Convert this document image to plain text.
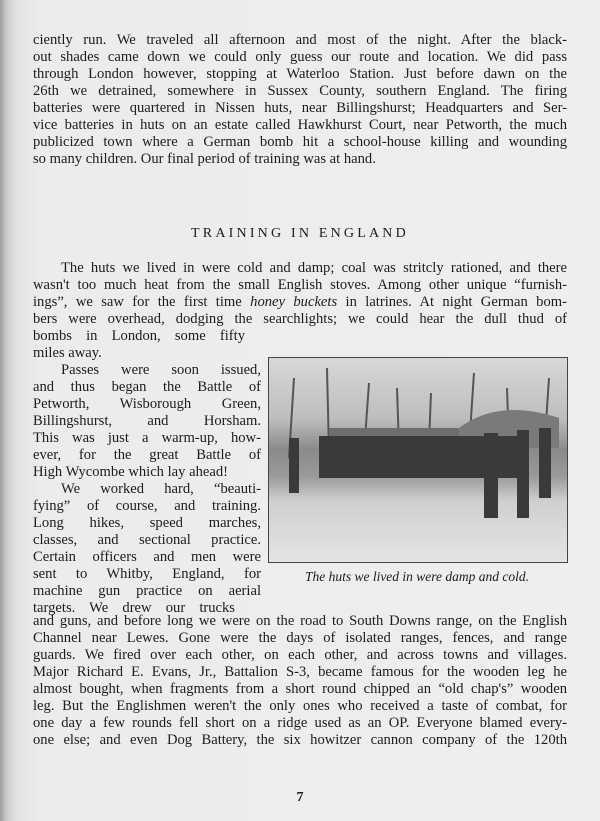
ciently run. We traveled all afternoon and most of the night. After the black-
out shades came down we could only guess our route and location. We did pass
through London however, stopping at Waterloo Station. Just before dawn on the
26th we detrained, somewhere in Sussex County, southern England. The firing
batteries were quartered in Nissen huts, near Billingshurst; Headquarters and Ser-
vice batteries in huts on an estate called Hawkhurst Court, near Petworth, the much
publicized town where a German bomb hit a school-house killing and wounding
so many children. Our final period of training was at hand.
TRAINING IN ENGLAND
The huts we lived in were cold and damp; coal was stritcly rationed, and there
wasn't too much heat from the small English stoves. Among other unique “furnish-
ings”, we saw for the first time honey buckets in latrines. At night German bom-
bers were overhead, dodging the searchlights; we could hear the dull thud of
bombs in London, some fifty
miles away.
Passes were soon issued,
and thus began the Battle of
Petworth, Wisborough Green,
Billingshurst, and Horsham.
This was just a warm-up, how-
ever, for the great Battle of
High Wycombe which lay ahead!
We worked hard, “beauti-
fying” of course, and training.
Long hikes, speed marches,
classes, and sectional practice.
Certain officers and men were
sent to Whitby, England, for
machine gun practice on aerial
targets. We drew our trucks
The huts we lived in were damp and cold.
and guns, and before long we were on the road to South Downs range, on the English
Channel near Lewes. Gone were the days of isolated ranges, fences, and range
guards. We fired over each other, on each other, and across towns and villages.
Major Richard E. Evans, Jr., Battalion S-3, became famous for the wooden leg he
almost bought, when fragments from a short round chipped an “old chap's” wooden
leg. But the Englishmen weren't the only ones who received a taste of combat, for
one day a few rounds fell short on a ridge used as an OP. Everyone blamed every-
one else; and even Dog Battery, the six howitzer cannon company of the 120th
7
